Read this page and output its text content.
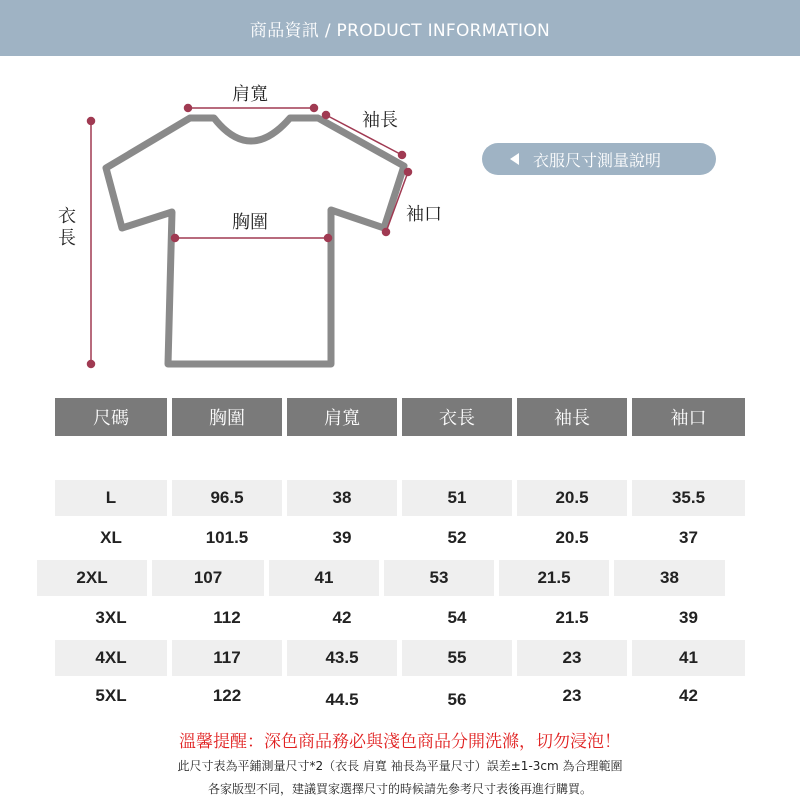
商品資訊 / PRODUCT INFORMATION
肩寬
袖長
袖口
胸圍
衣長
衣服尺寸測量說明
尺碼	胸圍	肩寬	衣長	袖長	袖口
L	96.5	38	51	20.5	35.5
XL	101.5	39	52	20.5	37
2XL	107	41	53	21.5	38
3XL	112	42	54	21.5	39
4XL	117	43.5	55	23	41
5XL	122	44.5	56	23	42
溫馨提醒：深色商品務必與淺色商品分開洗滌，切勿浸泡！
此尺寸表為平鋪測量尺寸*2（衣長 肩寬 袖長為平量尺寸）誤差±1-3cm 為合理範圍
各家版型不同，建議買家選擇尺寸的時候請先參考尺寸表後再進行購買。
